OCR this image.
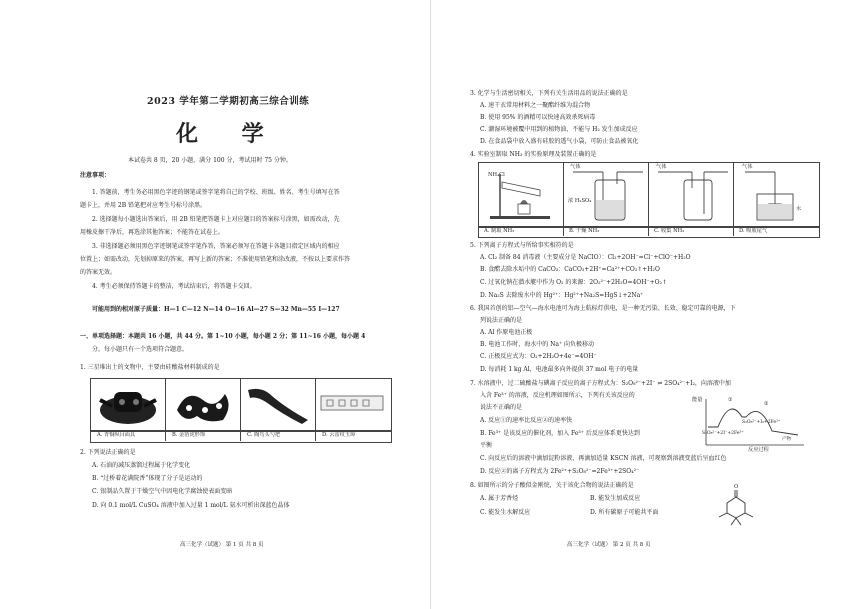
2023 学年第二学期初高三综合训练
化 学
本试卷共 8 页，20 小题，满分 100 分，考试用时 75 分钟。
注意事项：
1. 答题前，考生务必用黑色字迹的钢笔或签字笔将自己的学校、班级、姓名、考生号填写在答
题卡上，并用 2B 铅笔把对应考生号标号涂黑。
2. 选择题每小题选出答案后，用 2B 铅笔把答题卡上对应题目的答案标号涂黑，如需改动，先
用橡皮擦干净后，再选涂其他答案；不能答在试卷上。
3. 非选择题必须用黑色字迹钢笔或签字笔作答，答案必须写在答题卡各题目指定区域内的相应
位置上；如需改动，先划掉原来的答案，再写上新的答案；不准使用铅笔和涂改液，不按以上要求作答
的答案无效。
4. 考生必须保持答题卡的整洁，考试结束后，将答题卡交回。
可能用到的相对原子质量：H—1 C—12 N—14 O—16 Al—27 S—32 Mn—55 I—127
一、单项选择题：本题共 16 小题，共 44 分。第 1~10 小题，每小题 2 分；第 11~16 小题，每小题 4
分。每小题只有一个选项符合题意。
1. 三星堆出土的文物中，主要由硅酸盐材料制成的是
A. 青铜纵目面具	B. 金箔虎形饰	C. 陶鸟头勺把	D. 云雷纹玉璋
2. 下列说法正确的是
A. 石油的减压蒸馏过程属于化学变化
B. “过桥着花满院香”体现了分子是运动的
C. 银制品久置于干燥空气中因电化学腐蚀使表面变暗
D. 向 0.1 mol/L CuSO₄ 溶液中加入过量 1 mol/L 氨水可析出深蓝色晶体
高三化学（试题） 第 1 页 共 8 页
3. 化学与生活密切相关，下列有关生活用品的说法正确的是
A. 速干衣常用材料之一聚酯纤维为混合物
B. 使用 95% 的酒精可以快速高效杀死病毒
C. 潮湿环境被覆中用到的植物油，不能与 H₂ 发生加成反应
D. 在食品袋中放入盛有硅胶的透气小袋，可防止食品被氧化
4. 实验室制取 NH₃ 的实验原理及装置正确的是
NH₄Cl
气体
浓 H₂SO₄
气体	气体
水
A. 制取 NH₃	B. 干燥 NH₃	C. 收集 NH₃	D. 吸收尾气
5. 下列离子方程式与所给事实相符的是
A. Cl₂ 制备 84 消毒液（主要成分是 NaClO）：Cl₂+2OH⁻=Cl⁻+ClO⁻+H₂O
B. 食醋去除水垢中的 CaCO₃：CaCO₃+2H⁺=Ca²⁺+CO₂↑+H₂O
C. 过氧化钠在潜水艇中作为 O₂ 的来源：2O₂²⁻+2H₂O=4OH⁻+O₂↑
D. Na₂S 去除废水中的 Hg²⁺：Hg²⁺+Na₂S=HgS↓+2Na⁺
6. 我国首创的铝—空气—海水电池可为海上航标灯供电，是一种无污染、长效、稳定可靠的电源，下
列说法正确的是
A. Al 作原电池正极
B. 电池工作时，海水中的 Na⁺ 向负极移动
C. 正极反应式为：O₂+2H₂O+4e⁻=4OH⁻
D. 每消耗 1 kg Al，电池最多向外提供 37 mol 电子的电量
7. 水溶液中，过二硫酸盐与碘离子反应的离子方程式为：S₂O₈²⁻+2I⁻ ⇌ 2SO₄²⁻+I₂，向溶液中加
入含 Fe³⁺ 的溶液，反应机理如图所示，下列有关该反应的
说法不正确的是
A. 反应①的速率比反应②的速率快
B. Fe³⁺ 是该反应的催化剂，加入 Fe³⁺ 后反应体系更快达到
平衡
C. 向反应后的溶液中滴加淀粉溶液，再滴加适量 KSCN 溶液，可观察到溶液变蓝后呈血红色
D. 反应②的离子方程式为 2Fe²⁺+S₂O₈²⁻=2Fe³⁺+2SO₄²⁻
①
②
能量
S₂O₈²⁻+2I⁻+2Fe³⁺
S₂O₈²⁻+I₂+2Fe²⁺
产物
反应过程
8. 如图所示的分子酸似金刚烷，关于该化合物的说法正确的是
A. 属于芳香烃	B. 能发生加成反应
C. 能发生水解反应	D. 所有碳原子可能共平面
O
高三化学（试题） 第 2 页 共 8 页
